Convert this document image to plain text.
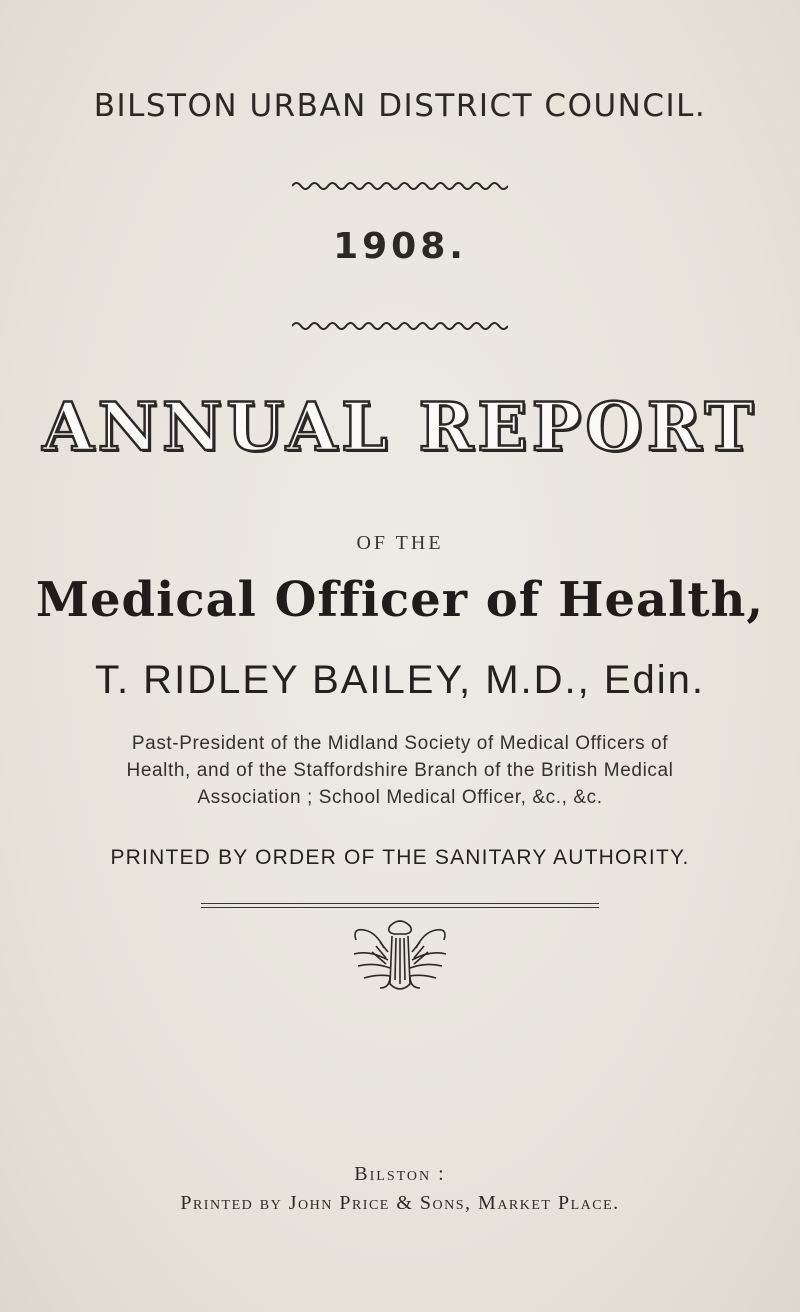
BILSTON URBAN DISTRICT COUNCIL.
1908.
ANNUAL REPORT
OF THE
Medical Officer of Health,
T. RIDLEY BAILEY, M.D., Edin.
Past-President of the Midland Society of Medical Officers of
Health, and of the Staffordshire Branch of the British Medical
Association ; School Medical Officer, &c., &c.
PRINTED BY ORDER OF THE SANITARY AUTHORITY.
Bilston :
Printed by John Price & Sons, Market Place.
